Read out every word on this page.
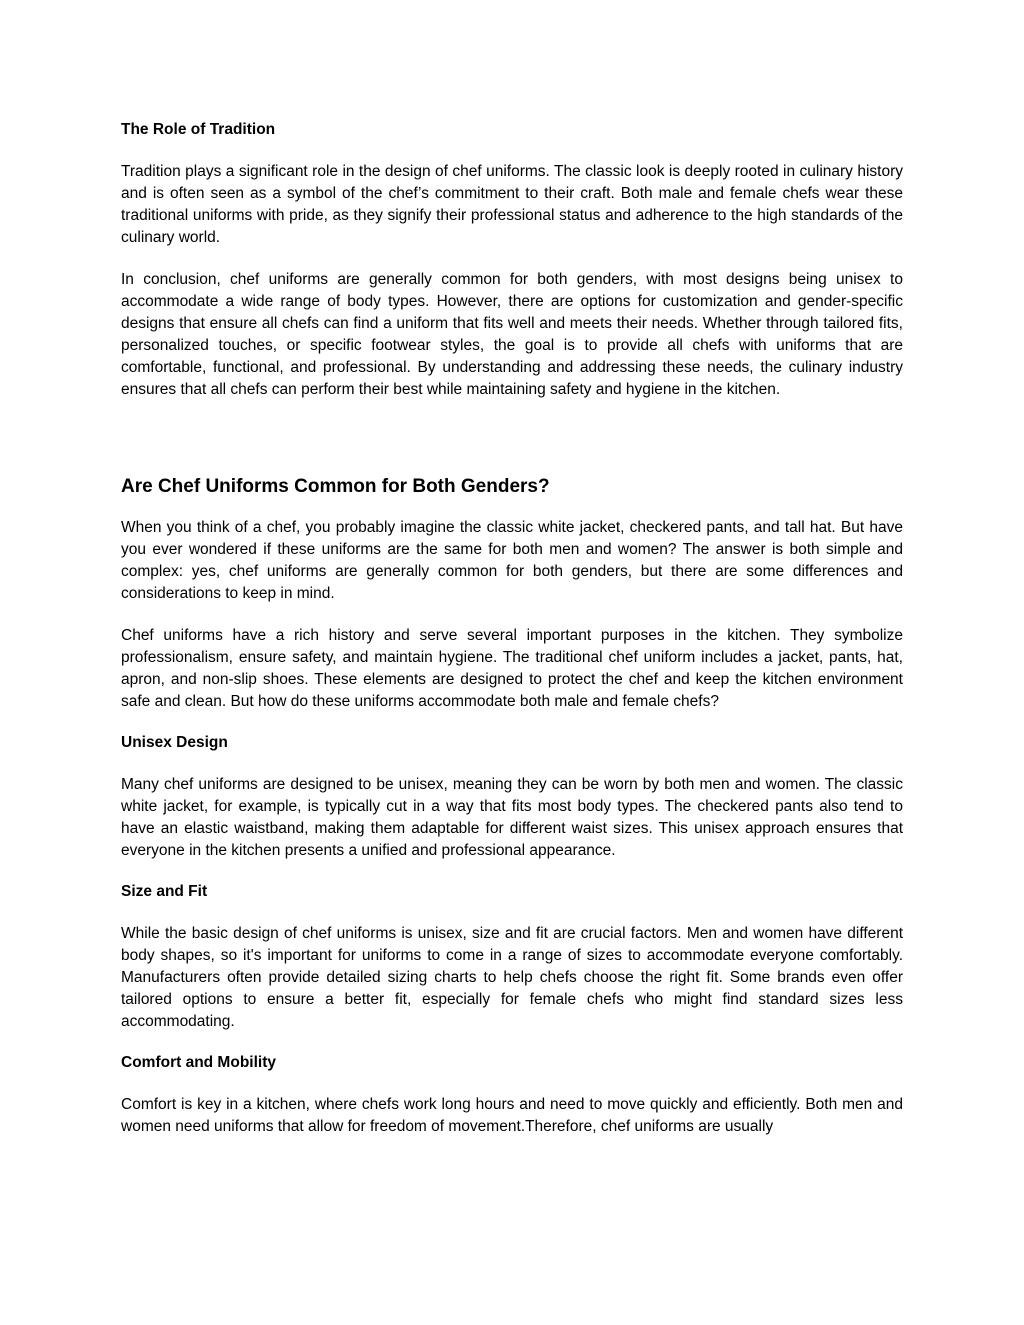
The Role of Tradition

Tradition plays a significant role in the design of chef uniforms. The classic look is deeply rooted in culinary history and is often seen as a symbol of the chef’s commitment to their craft. Both male and female chefs wear these traditional uniforms with pride, as they signify their professional status and adherence to the high standards of the culinary world.

In conclusion, chef uniforms are generally common for both genders, with most designs being unisex to accommodate a wide range of body types. However, there are options for customization and gender-specific designs that ensure all chefs can find a uniform that fits well and meets their needs. Whether through tailored fits, personalized touches, or specific footwear styles, the goal is to provide all chefs with uniforms that are comfortable, functional, and professional. By understanding and addressing these needs, the culinary industry ensures that all chefs can perform their best while maintaining safety and hygiene in the kitchen.

Are Chef Uniforms Common for Both Genders?

When you think of a chef, you probably imagine the classic white jacket, checkered pants, and tall hat. But have you ever wondered if these uniforms are the same for both men and women? The answer is both simple and complex: yes, chef uniforms are generally common for both genders, but there are some differences and considerations to keep in mind.

Chef uniforms have a rich history and serve several important purposes in the kitchen. They symbolize professionalism, ensure safety, and maintain hygiene. The traditional chef uniform includes a jacket, pants, hat, apron, and non-slip shoes. These elements are designed to protect the chef and keep the kitchen environment safe and clean. But how do these uniforms accommodate both male and female chefs?

Unisex Design

Many chef uniforms are designed to be unisex, meaning they can be worn by both men and women. The classic white jacket, for example, is typically cut in a way that fits most body types. The checkered pants also tend to have an elastic waistband, making them adaptable for different waist sizes. This unisex approach ensures that everyone in the kitchen presents a unified and professional appearance.

Size and Fit

While the basic design of chef uniforms is unisex, size and fit are crucial factors. Men and women have different body shapes, so it's important for uniforms to come in a range of sizes to accommodate everyone comfortably. Manufacturers often provide detailed sizing charts to help chefs choose the right fit. Some brands even offer tailored options to ensure a better fit, especially for female chefs who might find standard sizes less accommodating.

Comfort and Mobility

Comfort is key in a kitchen, where chefs work long hours and need to move quickly and efficiently. Both men and women need uniforms that allow for freedom of movement.Therefore, chef uniforms are usually
